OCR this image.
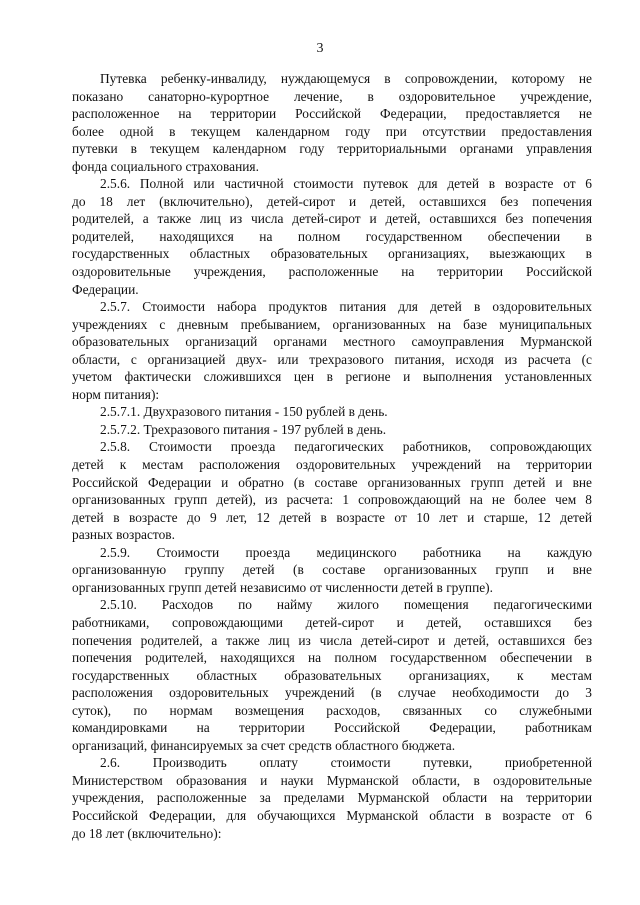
3
Путевка ребенку-инвалиду, нуждающемуся в сопровождении, которому не
показано санаторно-курортное лечение, в оздоровительное учреждение,
расположенное на территории Российской Федерации, предоставляется не
более одной в текущем календарном году при отсутствии предоставления
путевки в текущем календарном году территориальными органами управления
фонда социального страхования.
2.5.6. Полной или частичной стоимости путевок для детей в возрасте от 6
до 18 лет (включительно), детей-сирот и детей, оставшихся без попечения
родителей, а также лиц из числа детей-сирот и детей, оставшихся без попечения
родителей, находящихся на полном государственном обеспечении в
государственных областных образовательных организациях, выезжающих в
оздоровительные учреждения, расположенные на территории Российской
Федерации.
2.5.7. Стоимости набора продуктов питания для детей в оздоровительных
учреждениях с дневным пребыванием, организованных на базе муниципальных
образовательных организаций органами местного самоуправления Мурманской
области, с организацией двух- или трехразового питания, исходя из расчета (с
учетом фактически сложившихся цен в регионе и выполнения установленных
норм питания):
2.5.7.1. Двухразового питания - 150 рублей в день.
2.5.7.2. Трехразового питания - 197 рублей в день.
2.5.8. Стоимости проезда педагогических работников, сопровождающих
детей к местам расположения оздоровительных учреждений на территории
Российской Федерации и обратно (в составе организованных групп детей и вне
организованных групп детей), из расчета: 1 сопровождающий на не более чем 8
детей в возрасте до 9 лет, 12 детей в возрасте от 10 лет и старше, 12 детей
разных возрастов.
2.5.9. Стоимости проезда медицинского работника на каждую
организованную группу детей (в составе организованных групп и вне
организованных групп детей независимо от численности детей в группе).
2.5.10. Расходов по найму жилого помещения педагогическими
работниками, сопровождающими детей-сирот и детей, оставшихся без
попечения родителей, а также лиц из числа детей-сирот и детей, оставшихся без
попечения родителей, находящихся на полном государственном обеспечении в
государственных областных образовательных организациях, к местам
расположения оздоровительных учреждений (в случае необходимости до 3
суток), по нормам возмещения расходов, связанных со служебными
командировками на территории Российской Федерации, работникам
организаций, финансируемых за счет средств областного бюджета.
2.6. Производить оплату стоимости путевки, приобретенной
Министерством образования и науки Мурманской области, в оздоровительные
учреждения, расположенные за пределами Мурманской области на территории
Российской Федерации, для обучающихся Мурманской области в возрасте от 6
до 18 лет (включительно):
